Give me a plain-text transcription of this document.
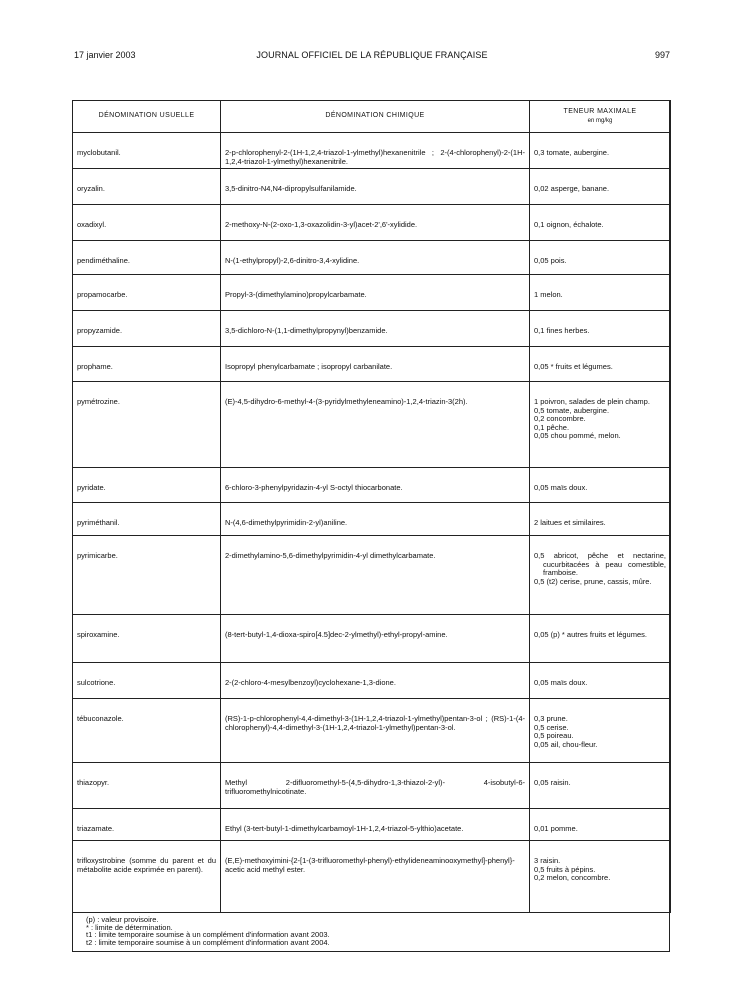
17 janvier 2003	JOURNAL OFFICIEL DE LA RÉPUBLIQUE FRANÇAISE	997
DÉNOMINATION USUELLE	DÉNOMINATION CHIMIQUE	TENEUR MAXIMALE
en mg/kg

myclobutanil.	2-p-chlorophenyl-2-(1H-1,2,4-triazol-1-ylmethyl)hexanenitrile ; 2-(4-chlorophenyl)-2-(1H-1,2,4-triazol-1-ylmethyl)hexanenitrile.	0,3 tomate, aubergine.

oryzalin.	3,5-dinitro-N4,N4-dipropylsulfanilamide.	0,02 asperge, banane.

oxadixyl.	2-methoxy-N-(2-oxo-1,3-oxazolidin-3-yl)acet-2',6'-xylidide.	0,1 oignon, échalote.

pendiméthaline.	N-(1-ethylpropyl)-2,6-dinitro-3,4-xylidine.	0,05 pois.

propamocarbe.	Propyl-3-(dimethylamino)propylcarbamate.	1 melon.

propyzamide.	3,5-dichloro-N-(1,1-dimethylpropynyl)benzamide.	0,1 fines herbes.

prophame.	Isopropyl phenylcarbamate ; isopropyl carbanilate.	0,05 * fruits et légumes.

pymétrozine.	(E)-4,5-dihydro-6-methyl-4-(3-pyridylmethyleneamino)-1,2,4-triazin-3(2h).	1 poivron, salades de plein champ.
0,5 tomate, aubergine.
0,2 concombre.
0,1 pêche.
0,05 chou pommé, melon.

pyridate.	6-chloro-3-phenylpyridazin-4-yl S-octyl thiocarbonate.	0,05 maïs doux.

pyriméthanil.	N-(4,6-dimethylpyrimidin-2-yl)aniline.	2 laitues et similaires.

pyrimicarbe.	2-dimethylamino-5,6-dimethylpyrimidin-4-yl dimethylcarbamate.	0,5 abricot, pêche et nectarine, cucurbitacées à peau comestible, framboise.
0,5 (t2) cerise, prune, cassis, mûre.

spiroxamine.	(8-tert-butyl-1,4-dioxa-spiro[4.5]dec-2-ylmethyl)-ethyl-propyl-amine.	0,05 (p) * autres fruits et légumes.

sulcotrione.	2-(2-chloro-4-mesylbenzoyl)cyclohexane-1,3-dione.	0,05 maïs doux.

tébuconazole.	(RS)-1-p-chlorophenyl-4,4-dimethyl-3-(1H-1,2,4-triazol-1-ylmethyl)pentan-3-ol ; (RS)-1-(4-chlorophenyl)-4,4-dimethyl-3-(1H-1,2,4-triazol-1-ylmethyl)pentan-3-ol.	0,3 prune.
0,5 cerise.
0,5 poireau.
0,05 ail, chou-fleur.

thiazopyr.	Methyl 2-difluoromethyl-5-(4,5-dihydro-1,3-thiazol-2-yl)- 4-isobutyl-6-trifluoromethylnicotinate.	0,05 raisin.

triazamate.	Ethyl (3-tert-butyl-1-dimethylcarbamoyl-1H-1,2,4-triazol-5-ylthio)acetate.	0,01 pomme.

trifloxystrobine (somme du parent et du métabolite acide exprimée en parent).	(E,E)-methoxyimini-{2-[1-(3-trifluoromethyl-phenyl)-ethylideneaminooxymethyl]-phenyl}-acetic acid methyl ester.	3 raisin.
0,5 fruits à pépins.
0,2 melon, concombre.
(p) : valeur provisoire.
* : limite de détermination.
t1 : limite temporaire soumise à un complément d'information avant 2003.
t2 : limite temporaire soumise à un complément d'information avant 2004.
